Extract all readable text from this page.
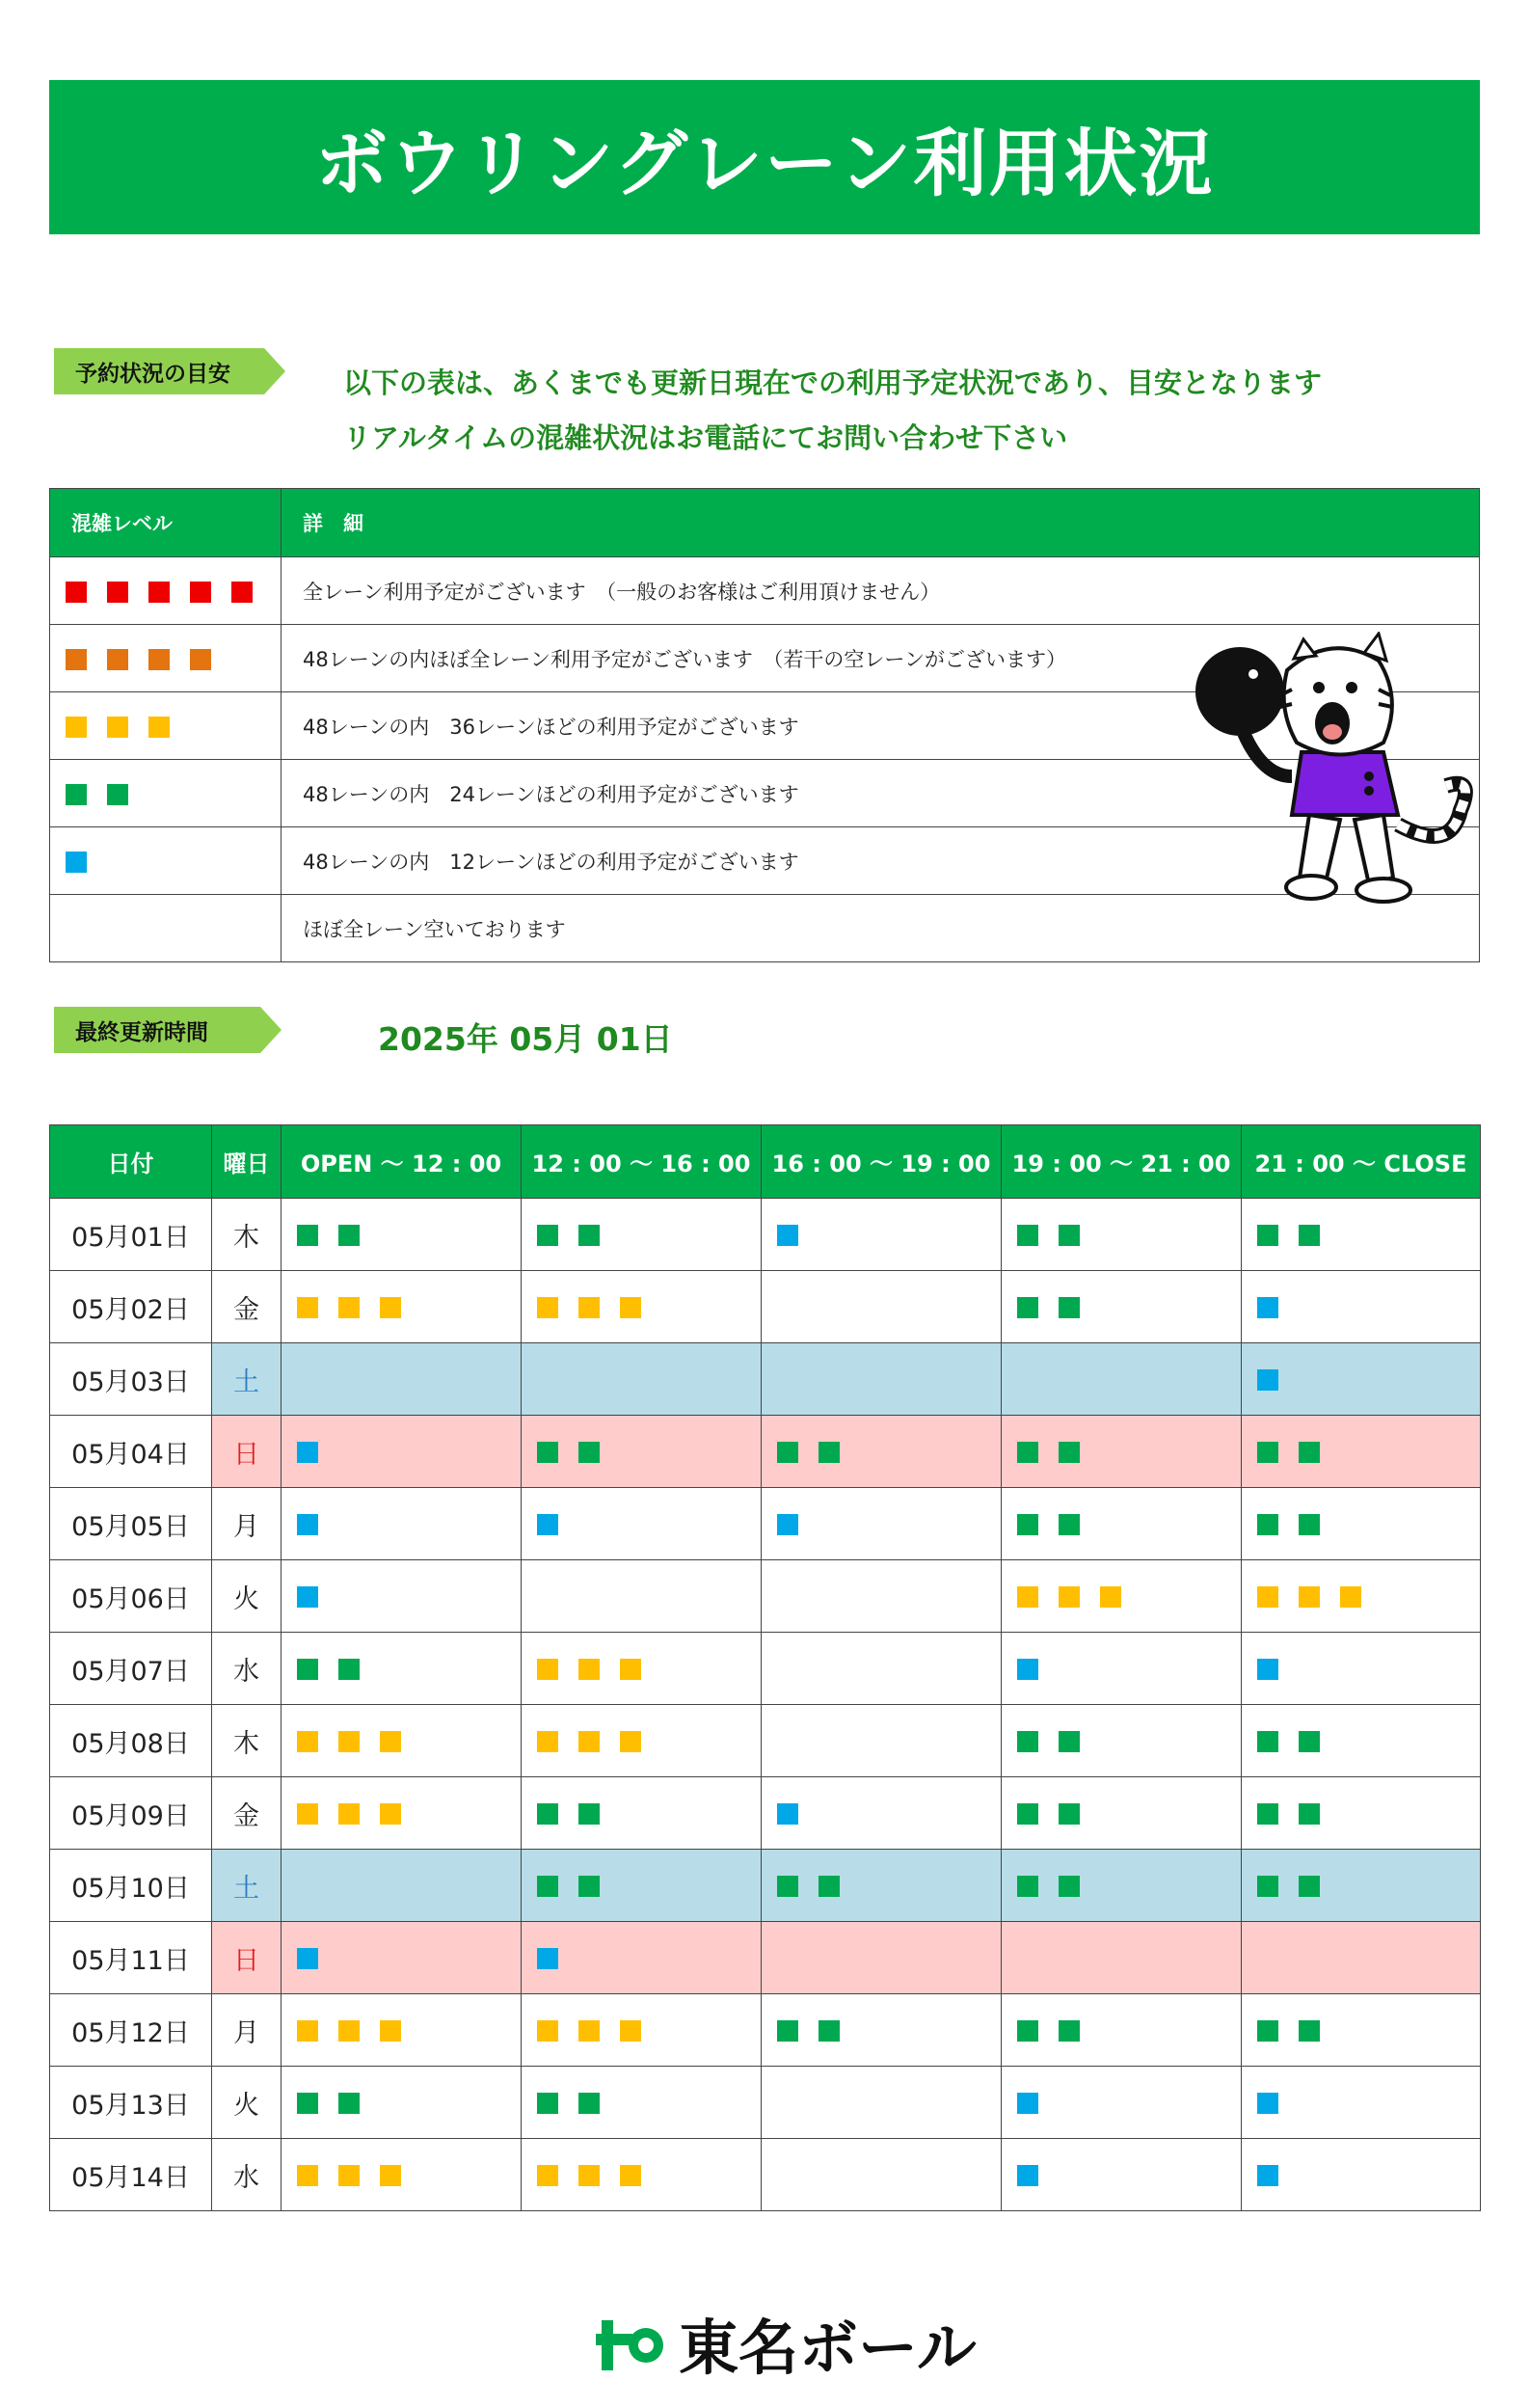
ボウリングレーン利用状況
予約状況の目安	以下の表は、あくまでも更新日現在での利用予定状況であり、目安となります
リアルタイムの混雑状況はお電話にてお問い合わせ下さい
混雑レベル	詳　細
	全レーン利用予定がございます　（一般のお客様はご利用頂けません）
	48レーンの内ほぼ全レーン利用予定がございます　（若干の空レーンがございます）
	48レーンの内　36レーンほどの利用予定がございます
	48レーンの内　24レーンほどの利用予定がございます
	48レーンの内　12レーンほどの利用予定がございます
	ほぼ全レーン空いております
最終更新時間	2025年 05月 01日
日付	曜日	OPEN 〜 12 : 00	12 : 00 〜 16 : 00	16 : 00 〜 19 : 00	19 : 00 〜 21 : 00	21 : 00 〜 CLOSE
05月01日	木					
05月02日	金					
05月03日	土					
05月04日	日					
05月05日	月					
05月06日	火					
05月07日	水					
05月08日	木					
05月09日	金					
05月10日	土					
05月11日	日					
05月12日	月					
05月13日	火					
05月14日	水					
東名ボール
